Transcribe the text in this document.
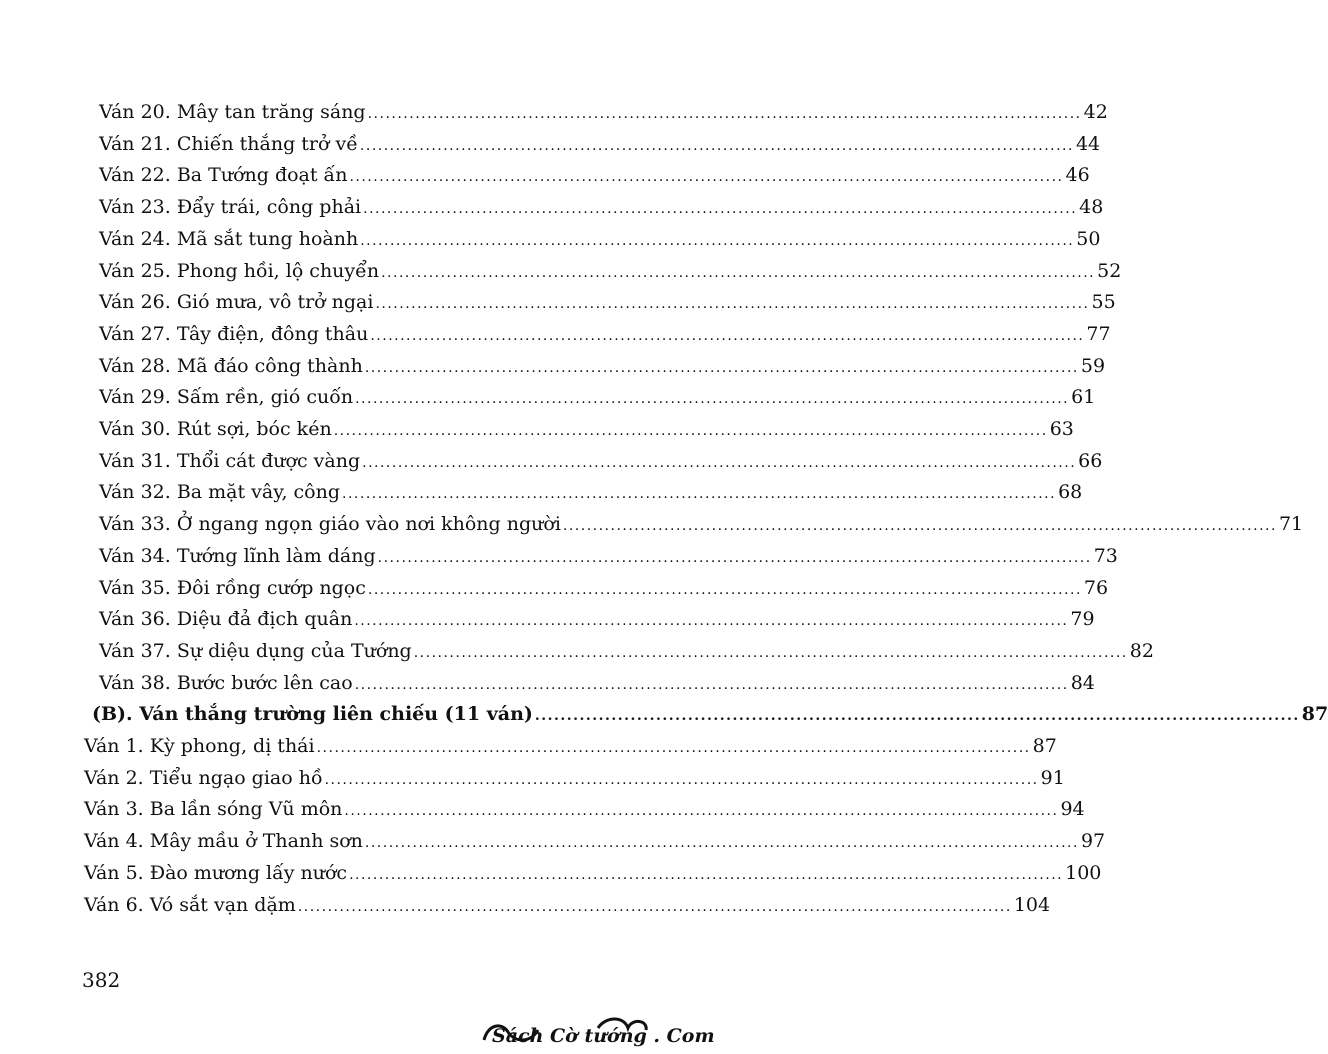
Ván 20. Mây tan trăng sáng ........................................................................................................................ 42
Ván 21. Chiến thắng trở về ........................................................................................................................ 44
Ván 22. Ba Tướng đoạt ấn ........................................................................................................................ 46
Ván 23. Đẩy trái, công phải ........................................................................................................................ 48
Ván 24. Mã sắt tung hoành ........................................................................................................................ 50
Ván 25. Phong hồi, lộ chuyển ........................................................................................................................ 52
Ván 26. Gió mưa, vô trở ngại ........................................................................................................................ 55
Ván 27. Tây điện, đông thâu ........................................................................................................................ 77
Ván 28. Mã đáo công thành ........................................................................................................................ 59
Ván 29. Sấm rền, gió cuốn ........................................................................................................................ 61
Ván 30. Rút sợi, bóc kén ........................................................................................................................ 63
Ván 31. Thổi cát được vàng ........................................................................................................................ 66
Ván 32. Ba mặt vây, công ........................................................................................................................ 68
Ván 33. Ở ngang ngọn giáo vào nơi không người ........................................................................................................................ 71
Ván 34. Tướng lĩnh làm dáng ........................................................................................................................ 73
Ván 35. Đôi rồng cướp ngọc ........................................................................................................................ 76
Ván 36. Diệu đả địch quân ........................................................................................................................ 79
Ván 37. Sự diệu dụng của Tướng ........................................................................................................................ 82
Ván 38. Bước bước lên cao ........................................................................................................................ 84
(B). Ván thắng trường liên chiếu (11 ván) ........................................................................................................................ 87
Ván 1. Kỳ phong, dị thái ........................................................................................................................ 87
Ván 2. Tiểu ngạo giao hồ ........................................................................................................................ 91
Ván 3. Ba lần sóng Vũ môn ........................................................................................................................ 94
Ván 4. Mây mầu ở Thanh sơn ........................................................................................................................ 97
Ván 5. Đào mương lấy nước ........................................................................................................................ 100
Ván 6. Vó sắt vạn dặm ........................................................................................................................ 104
382
Sách Cờ tướng . Com
